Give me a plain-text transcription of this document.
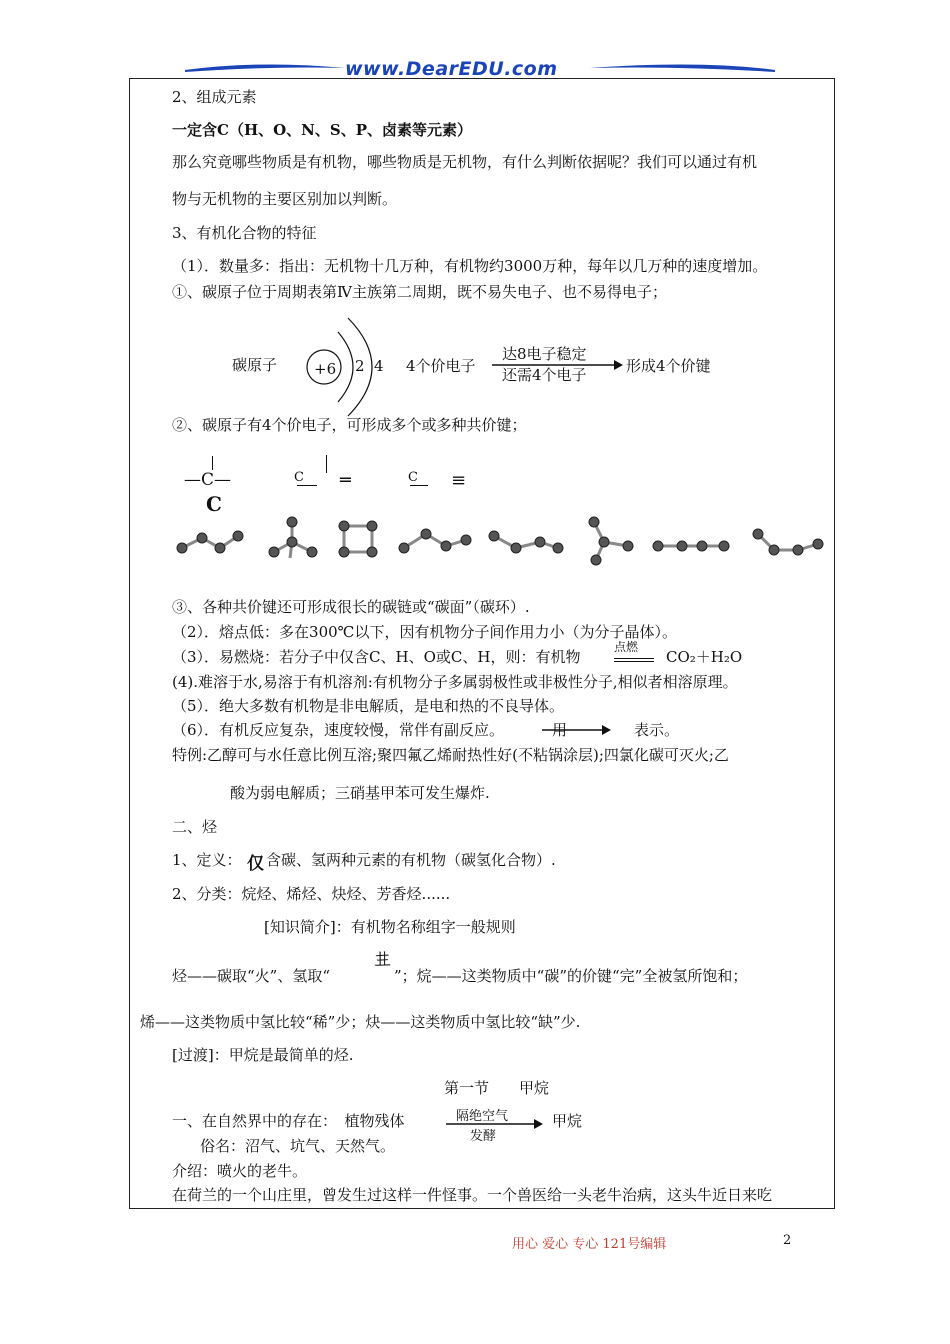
www.DearEDU.com
2、组成元素
一定含C（H、O、N、S、P、卤素等元素）
那么究竟哪些物质是有机物，哪些物质是无机物，有什么判断依据呢？我们可以通过有机
物与无机物的主要区别加以判断。
3、有机化合物的特征
（1）．数量多：指出：无机物十几万种，有机物约3000万种，每年以几万种的速度增加。
①、碳原子位于周期表第Ⅳ主族第二周期，既不易失电子、也不易得电子；
碳原子 +6 2 4 4个价电子
达8电子稳定
还需4个电子	形成4个价键
②、碳原子有4个价电子，可形成多个或多种共价键；
—C—
C
C ═	C ≡
③、各种共价键还可形成很长的碳链或“碳面”（碳环）.
（2）．熔点低：多在300℃以下，因有机物分子间作用力小（为分子晶体）。
（3）．易燃烧：若分子中仅含C、H、O或C、H，则：有机物
点燃
CO₂＋H₂O
(4).难溶于水,易溶于有机溶剂:有机物分子多属弱极性或非极性分子,相似者相溶原理。
（5）．绝大多数有机物是非电解质，是电和热的不良导体。
（6）．有机反应复杂，速度较慢，常伴有副反应。	用	表示。
特例:乙醇可与水任意比例互溶;聚四氟乙烯耐热性好(不粘锅涂层);四氯化碳可灭火;乙
酸为弱电解质；三硝基甲苯可发生爆炸.
二、烃
1、定义： 仅 含碳、氢两种元素的有机物（碳氢化合物）.
2、分类：烷烃、烯烃、炔烃、芳香烃......
[知识简介]：有机物名称组字一般规则
烃——碳取“火”、氢取“
𠀎
”；烷——这类物质中“碳”的价键“完”全被氢所饱和；
烯——这类物质中氢比较“稀”少；炔——这类物质中氢比较“缺”少.
[过渡]：甲烷是最简单的烃.
第一节　　甲烷
一、在自然界中的存在：　植物残体	隔绝空气
发酵
甲烷
俗名：沼气、坑气、天然气。
介绍：喷火的老牛。
在荷兰的一个山庄里，曾发生过这样一件怪事。一个兽医给一头老牛治病，这头牛近日来吃
用心 爱心 专心 121号编辑	2
